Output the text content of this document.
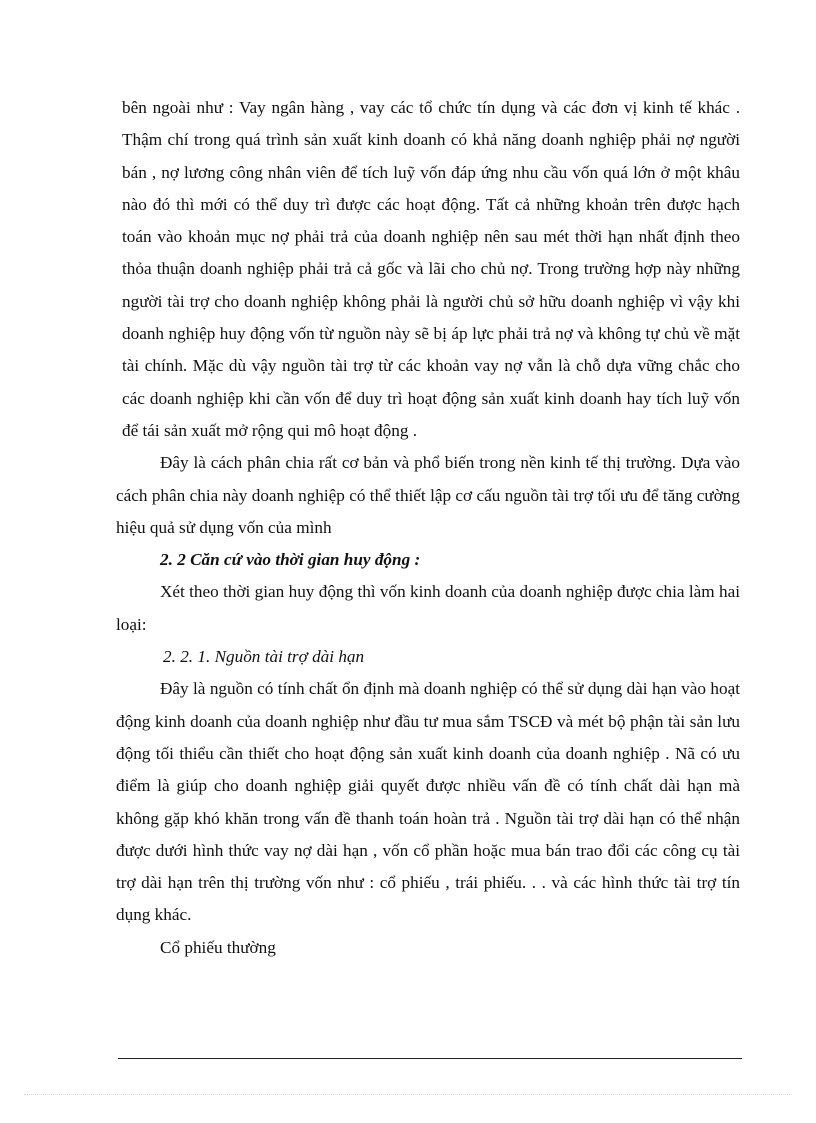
bên ngoài như : Vay ngân hàng , vay các tổ chức tín dụng và các đơn vị kinh tế khác . Thậm chí trong quá trình sản xuất kinh doanh có khả năng doanh nghiệp phải nợ người bán , nợ lương công nhân viên để tích luỹ vốn đáp ứng nhu cầu vốn quá lớn ở một khâu nào đó thì mới có thể duy trì được các hoạt động. Tất cả những khoản trên được hạch toán vào khoản mục nợ phải trả của doanh nghiệp nên sau mét thời hạn nhất định theo thỏa thuận doanh nghiệp phải trả cả gốc và lãi cho chủ nợ. Trong trường hợp này những người tài trợ cho doanh nghiệp không phải là người chủ sở hữu doanh nghiệp vì vậy khi doanh nghiệp huy động vốn từ nguồn này sẽ bị áp lực phải trả nợ và không tự chủ về mặt tài chính. Mặc dù vậy nguồn tài trợ từ các khoản vay nợ vẫn là chỗ dựa vững chắc cho các doanh nghiệp khi cần vốn để duy trì hoạt động sản xuất kinh doanh hay tích luỹ vốn để tái sản xuất mở rộng qui mô hoạt động .

Đây là cách phân chia rất cơ bản và phổ biến trong nền kinh tế thị trường. Dựa vào cách phân chia này doanh nghiệp có thể thiết lập cơ cấu nguồn tài trợ tối ưu để tăng cường hiệu quả sử dụng vốn của mình

2. 2 Căn cứ vào thời gian huy động :

Xét theo thời gian huy động thì vốn kinh doanh của doanh nghiệp được chia làm hai loại:

2. 2. 1. Nguồn tài trợ dài hạn

Đây là nguồn có tính chất ổn định mà doanh nghiệp có thể sử dụng dài hạn vào hoạt động kinh doanh của doanh nghiệp như đầu tư mua sắm TSCĐ và mét bộ phận tài sản lưu động tối thiểu cần thiết cho hoạt động sản xuất kinh doanh của doanh nghiệp . Nã có ưu điểm là giúp cho doanh nghiệp giải quyết được nhiều vấn đề có tính chất dài hạn mà không gặp khó khăn trong vấn đề thanh toán hoàn trả . Nguồn tài trợ dài hạn có thể nhận được dưới hình thức vay nợ dài hạn , vốn cổ phần hoặc mua bán trao đổi các công cụ tài trợ dài hạn trên thị trường vốn như : cổ phiếu , trái phiếu. . . và các hình thức tài trợ tín dụng khác.

Cổ phiếu thường
